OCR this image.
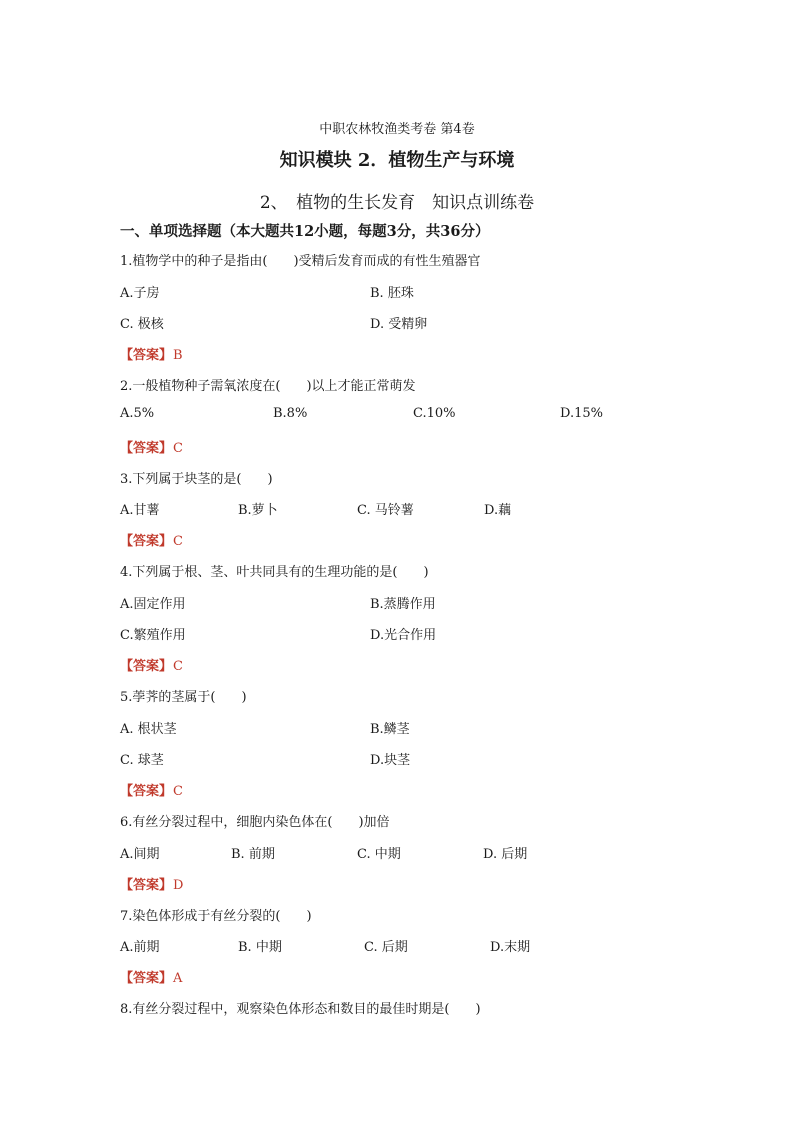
中职农林牧渔类考卷 第4卷
知识模块 2．植物生产与环境
2、　植物的生长发育　知识点训练卷
一、单项选择题（本大题共12小题，每题3分，共36分）
1.植物学中的种子是指由(　　)受精后发育而成的有性生殖器官
A.子房	B. 胚珠
C. 极核	D. 受精卵
【答案】B
2.一般植物种子需氧浓度在(　　)以上才能正常萌发
A.5%	B.8%	C.10%	D.15%
【答案】C
3.下列属于块茎的是(　　)
A.甘薯	B.萝卜	C. 马铃薯	D.藕
【答案】C
4.下列属于根、茎、叶共同具有的生理功能的是(　　)
A.固定作用	B.蒸腾作用
C.繁殖作用	D.光合作用
【答案】C
5.荸荠的茎属于(　　)
A. 根状茎	B.鳞茎
C. 球茎	D.块茎
【答案】C
6.有丝分裂过程中，细胞内染色体在(　　)加倍
A.间期	B. 前期	C. 中期	D. 后期
【答案】D
7.染色体形成于有丝分裂的(　　)
A.前期	B. 中期	C. 后期	D.末期
【答案】A
8.有丝分裂过程中，观察染色体形态和数目的最佳时期是(　　)
